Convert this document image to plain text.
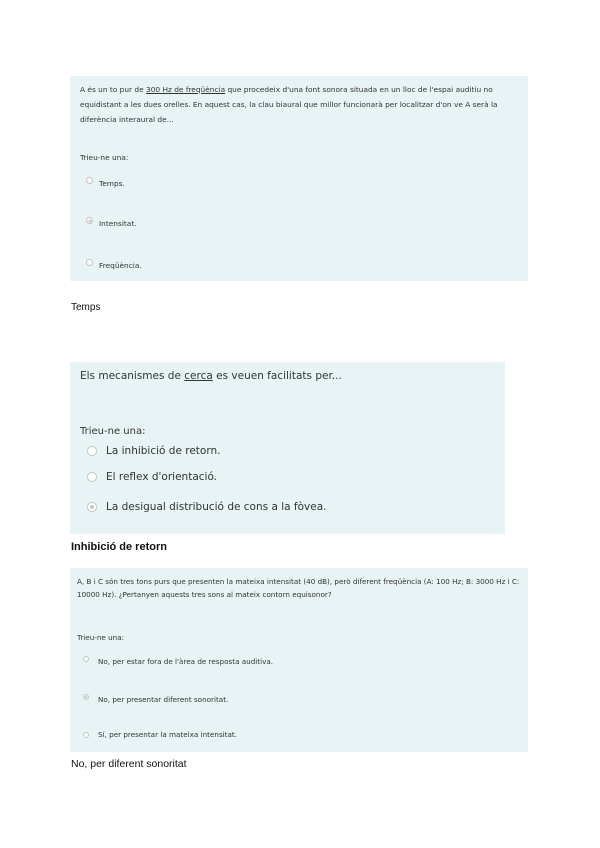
A és un to pur de 300 Hz de freqüència que procedeix d'una font sonora situada en un lloc de l'espai auditiu no equidistant a les dues orelles. En aquest cas, la clau biaural que millor funcionarà per localitzar d'on ve A serà la diferència interaural de...
Trieu-ne una:
Temps.
Intensitat.
Freqüència.
Temps
Els mecanismes de cerca es veuen facilitats per...
Trieu-ne una:
La inhibició de retorn.
El reflex d'orientació.
La desigual distribució de cons a la fòvea.
Inhibició de retorn
A, B i C són tres tons purs que presenten la mateixa intensitat (40 dB), però diferent freqüència (A: 100 Hz; B: 3000 Hz i C: 10000 Hz). ¿Pertanyen aquests tres sons al mateix contorn equisonor?
Trieu-ne una:
No, per estar fora de l'àrea de resposta auditiva.
No, per presentar diferent sonoritat.
Sí, per presentar la mateixa intensitat.
No, per diferent sonoritat
